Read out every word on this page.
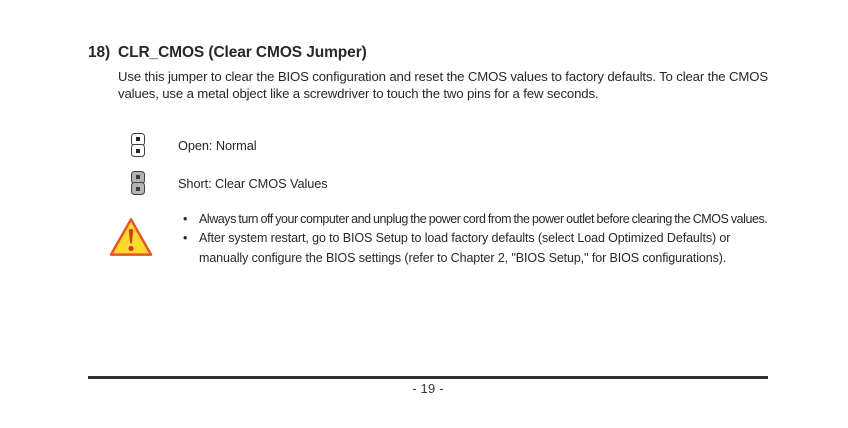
18) CLR_CMOS (Clear CMOS Jumper)

Use this jumper to clear the BIOS configuration and reset the CMOS values to factory defaults. To clear the CMOS values, use a metal object like a screwdriver to touch the two pins for a few seconds.

Open: Normal
Short: Clear CMOS Values
• Always turn off your computer and unplug the power cord from the power outlet before clearing the CMOS values.
• After system restart, go to BIOS Setup to load factory defaults (select Load Optimized Defaults) or manually configure the BIOS settings (refer to Chapter 2, "BIOS Setup," for BIOS configurations).
- 19 -
